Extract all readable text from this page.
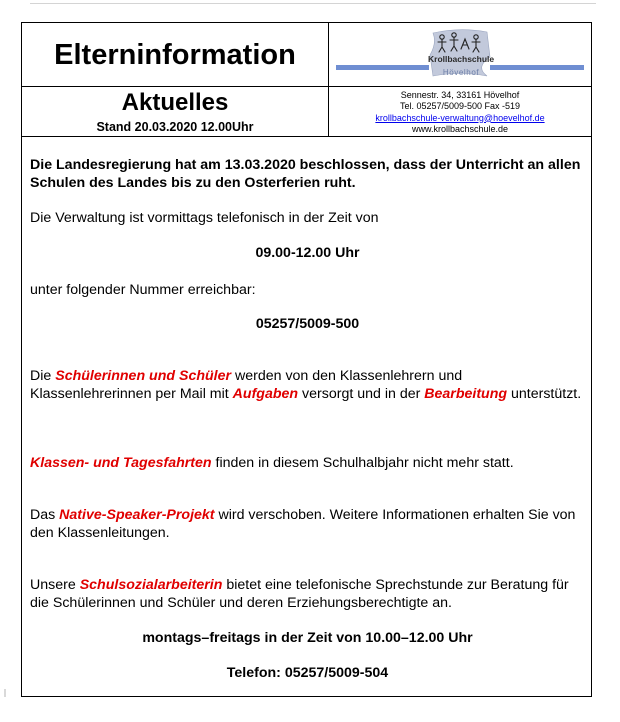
Elterninformation	Krollbachschule
Hövelhof
Aktuelles
Stand 20.03.2020 12.00Uhr
Sennestr. 34, 33161 Hövelhof
Tel. 05257/5009-500 Fax -519
krollbachschule-verwaltung@hoevelhof.de
www.krollbachschule.de
Die Landesregierung hat am 13.03.2020 beschlossen, dass der Unterricht an allen Schulen des Landes bis zu den Osterferien ruht.
Die Verwaltung ist vormittags telefonisch in der Zeit von
09.00-12.00 Uhr
unter folgender Nummer erreichbar:
05257/5009-500
Die Schülerinnen und Schüler werden von den Klassenlehrern und Klassenlehrerinnen per Mail mit Aufgaben versorgt und in der Bearbeitung unterstützt.
Klassen- und Tagesfahrten finden in diesem Schulhalbjahr nicht mehr statt.
Das Native-Speaker-Projekt wird verschoben. Weitere Informationen erhalten Sie von den Klassenleitungen.
Unsere Schulsozialarbeiterin bietet eine telefonische Sprechstunde zur Beratung für die Schülerinnen und Schüler und deren Erziehungsberechtigte an.
montags–freitags in der Zeit von 10.00–12.00 Uhr
Telefon: 05257/5009-504
